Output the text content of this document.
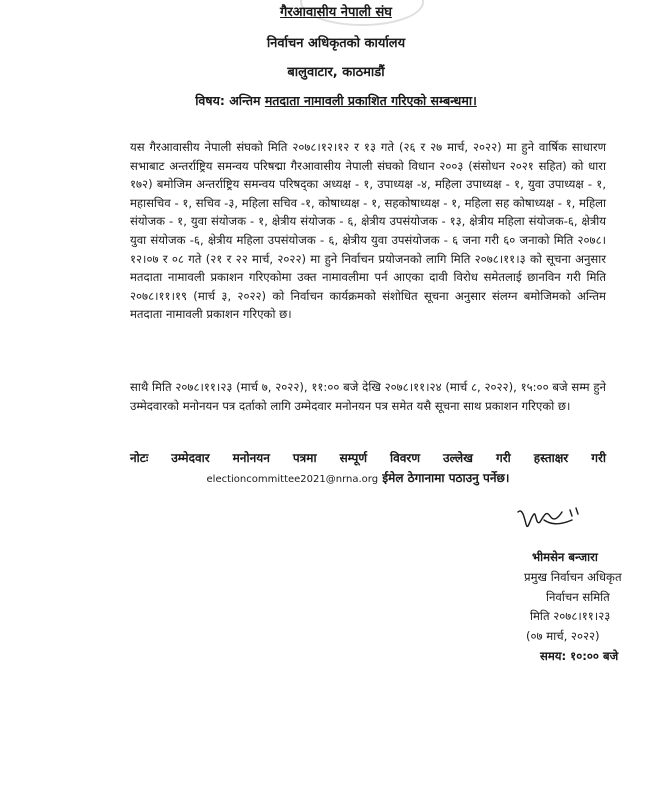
गैरआवासीय नेपाली संघ
निर्वाचन अधिकृतको कार्यालय
बालुवाटार, काठमाडौं
विषय: अन्तिम मतदाता नामावली प्रकाशित गरिएको सम्बन्धमा।
यस गैरआवासीय नेपाली संघको मिति २०७८।१२।१२ र १३ गते (२६ र २७ मार्च, २०२२) मा हुने वार्षिक साधारण सभाबाट अन्तर्राष्ट्रिय समन्वय परिषद्मा गैरआवासीय नेपाली संघको विधान २००३ (संसोधन २०२१ सहित) को धारा १७२) बमोजिम अन्तर्राष्ट्रिय समन्वय परिषद्का अध्यक्ष - १, उपाध्यक्ष -४, महिला उपाध्यक्ष - १, युवा उपाध्यक्ष - १, महासचिव - १, सचिव -३, महिला सचिव -१, कोषाध्यक्ष - १, सहकोषाध्यक्ष - १, महिला सह कोषाध्यक्ष - १, महिला संयोजक - १, युवा संयोजक - १, क्षेत्रीय संयोजक - ६, क्षेत्रीय उपसंयोजक - १३, क्षेत्रीय महिला संयोजक-६, क्षेत्रीय युवा संयोजक -६, क्षेत्रीय महिला उपसंयोजक - ६, क्षेत्रीय युवा उपसंयोजक - ६ जना गरी ६० जनाको मिति २०७८।१२।०७ र ०८ गते (२१ र २२ मार्च, २०२२) मा हुने निर्वाचन प्रयोजनको लागि मिति २०७८।११।३ को सूचना अनुसार मतदाता नामावली प्रकाशन गरिएकोमा उक्त नामावलीमा पर्न आएका दावी विरोध समेतलाई छानविन गरी मिति २०७८।११।१९ (मार्च ३, २०२२) को निर्वाचन कार्यक्रमको संशोधित सूचना अनुसार संलग्न बमोजिमको अन्तिम मतदाता नामावली प्रकाशन गरिएको छ।
साथै मिति २०७८।११।२३ (मार्च ७, २०२२), ११:०० बजे देखि २०७८।११।२४ (मार्च ८, २०२२), १५:०० बजे सम्म हुने उम्मेदवारको मनोनयन पत्र दर्ताको लागि उम्मेदवार मनोनयन पत्र समेत यसै सूचना साथ प्रकाशन गरिएको छ।
नोटः उम्मेदवार मनोनयन पत्रमा सम्पूर्ण विवरण उल्लेख गरी हस्ताक्षर गरी
electioncommittee2021@nrna.org ईमेल ठेगानामा पठाउनु पर्नेछ।
भीमसेन बन्जारा
प्रमुख निर्वाचन अधिकृत
निर्वाचन समिति
मिति २०७८।११।२३
(०७ मार्च, २०२२)
समय: १०:०० बजे
